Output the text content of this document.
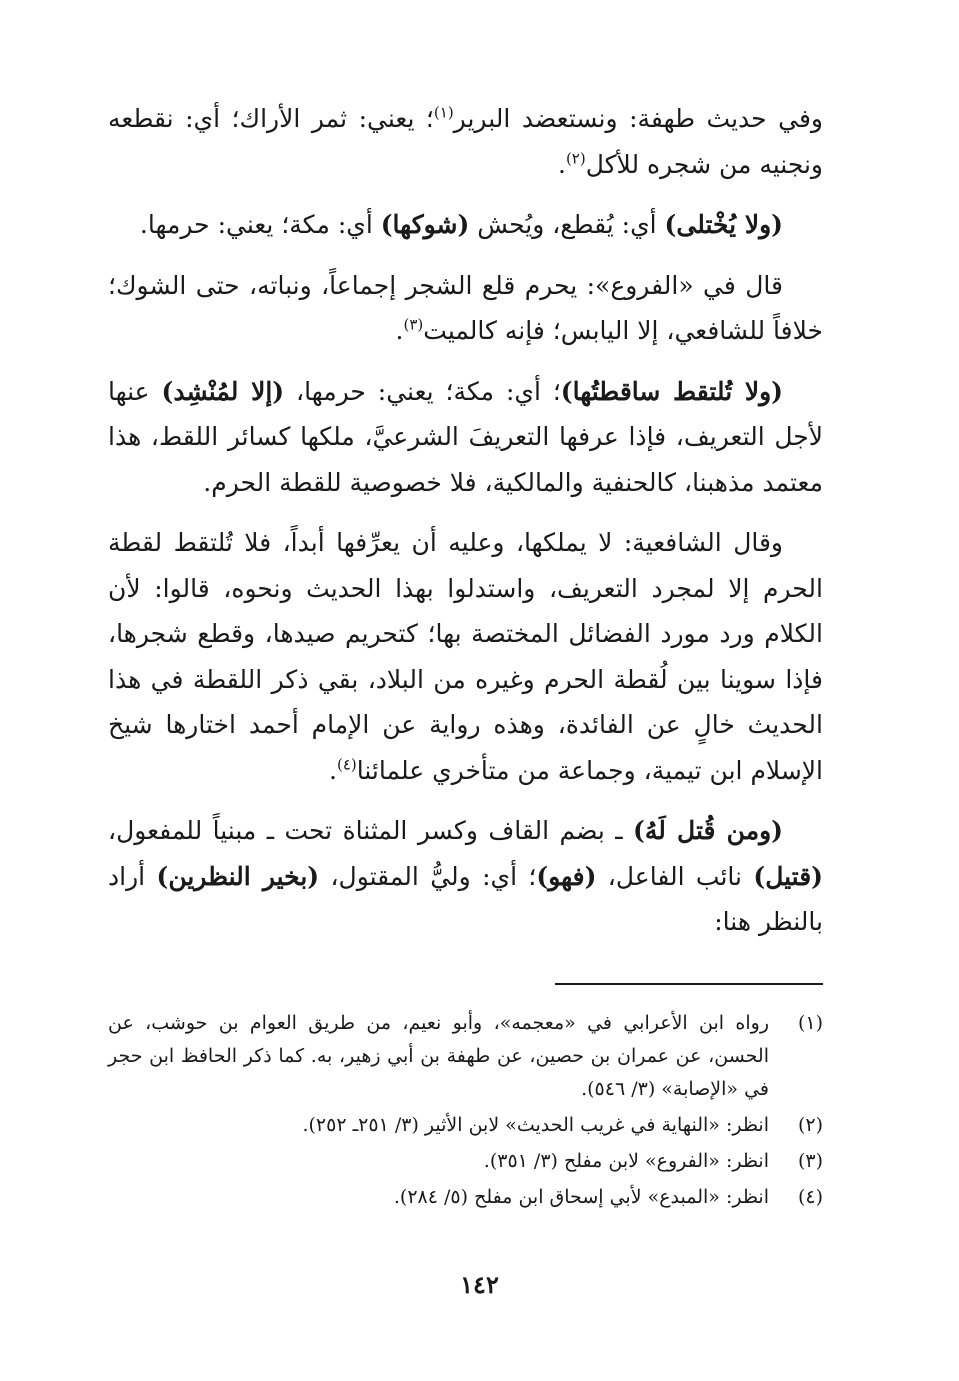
وفي حديث طهفة: ونستعضد البرير$^{(١)}$؛ يعني: ثمر الأراك؛ أي: نقطعه ونجنيه من شجره للأكل$^{(٢)}$.

(ولا يُخْتلى) أي: يُقطع، ويُحش (شوكها) أي: مكة؛ يعني: حرمها.

قال في «الفروع»: يحرم قلع الشجر إجماعاً، ونباته، حتى الشوك؛ خلافاً للشافعي، إلا اليابس؛ فإنه كالميت$^{(٣)}$.

(ولا تُلتقط ساقطتُها)؛ أي: مكة؛ يعني: حرمها، (إلا لمُنْشِد) عنها لأجل التعريف، فإذا عرفها التعريفَ الشرعيَّ، ملكها كسائر اللقط، هذا معتمد مذهبنا، كالحنفية والمالكية، فلا خصوصية للقطة الحرم.

وقال الشافعية: لا يملكها، وعليه أن يعرِّفها أبداً، فلا تُلتقط لقطة الحرم إلا لمجرد التعريف، واستدلوا بهذا الحديث ونحوه، قالوا: لأن الكلام ورد مورد الفضائل المختصة بها؛ كتحريم صيدها، وقطع شجرها، فإذا سوينا بين لُقطة الحرم وغيره من البلاد، بقي ذكر اللقطة في هذا الحديث خالٍ عن الفائدة، وهذه رواية عن الإمام أحمد اختارها شيخ الإسلام ابن تيمية، وجماعة من متأخري علمائنا$^{(٤)}$.

(ومن قُتل لَهُ) ـ بضم القاف وكسر المثناة تحت ـ مبنياً للمفعول، (قتيل) نائب الفاعل، (فهو)؛ أي: وليُّ المقتول، (بخير النظرين) أراد بالنظر هنا:

(١)
رواه ابن الأعرابي في «معجمه»، وأبو نعيم، من طريق العوام بن حوشب، عن الحسن، عن عمران بن حصين، عن طهفة بن أبي زهير، به. كما ذكر الحافظ ابن حجر في «الإصابة» (٣/ ٥٤٦).
(٢)
انظر: «النهاية في غريب الحديث» لابن الأثير (٣/ ٢٥١ـ ٢٥٢).
(٣)
انظر: «الفروع» لابن مفلح (٣/ ٣٥١).
(٤)
انظر: «المبدع» لأبي إسحاق ابن مفلح (٥/ ٢٨٤).
١٤٢
